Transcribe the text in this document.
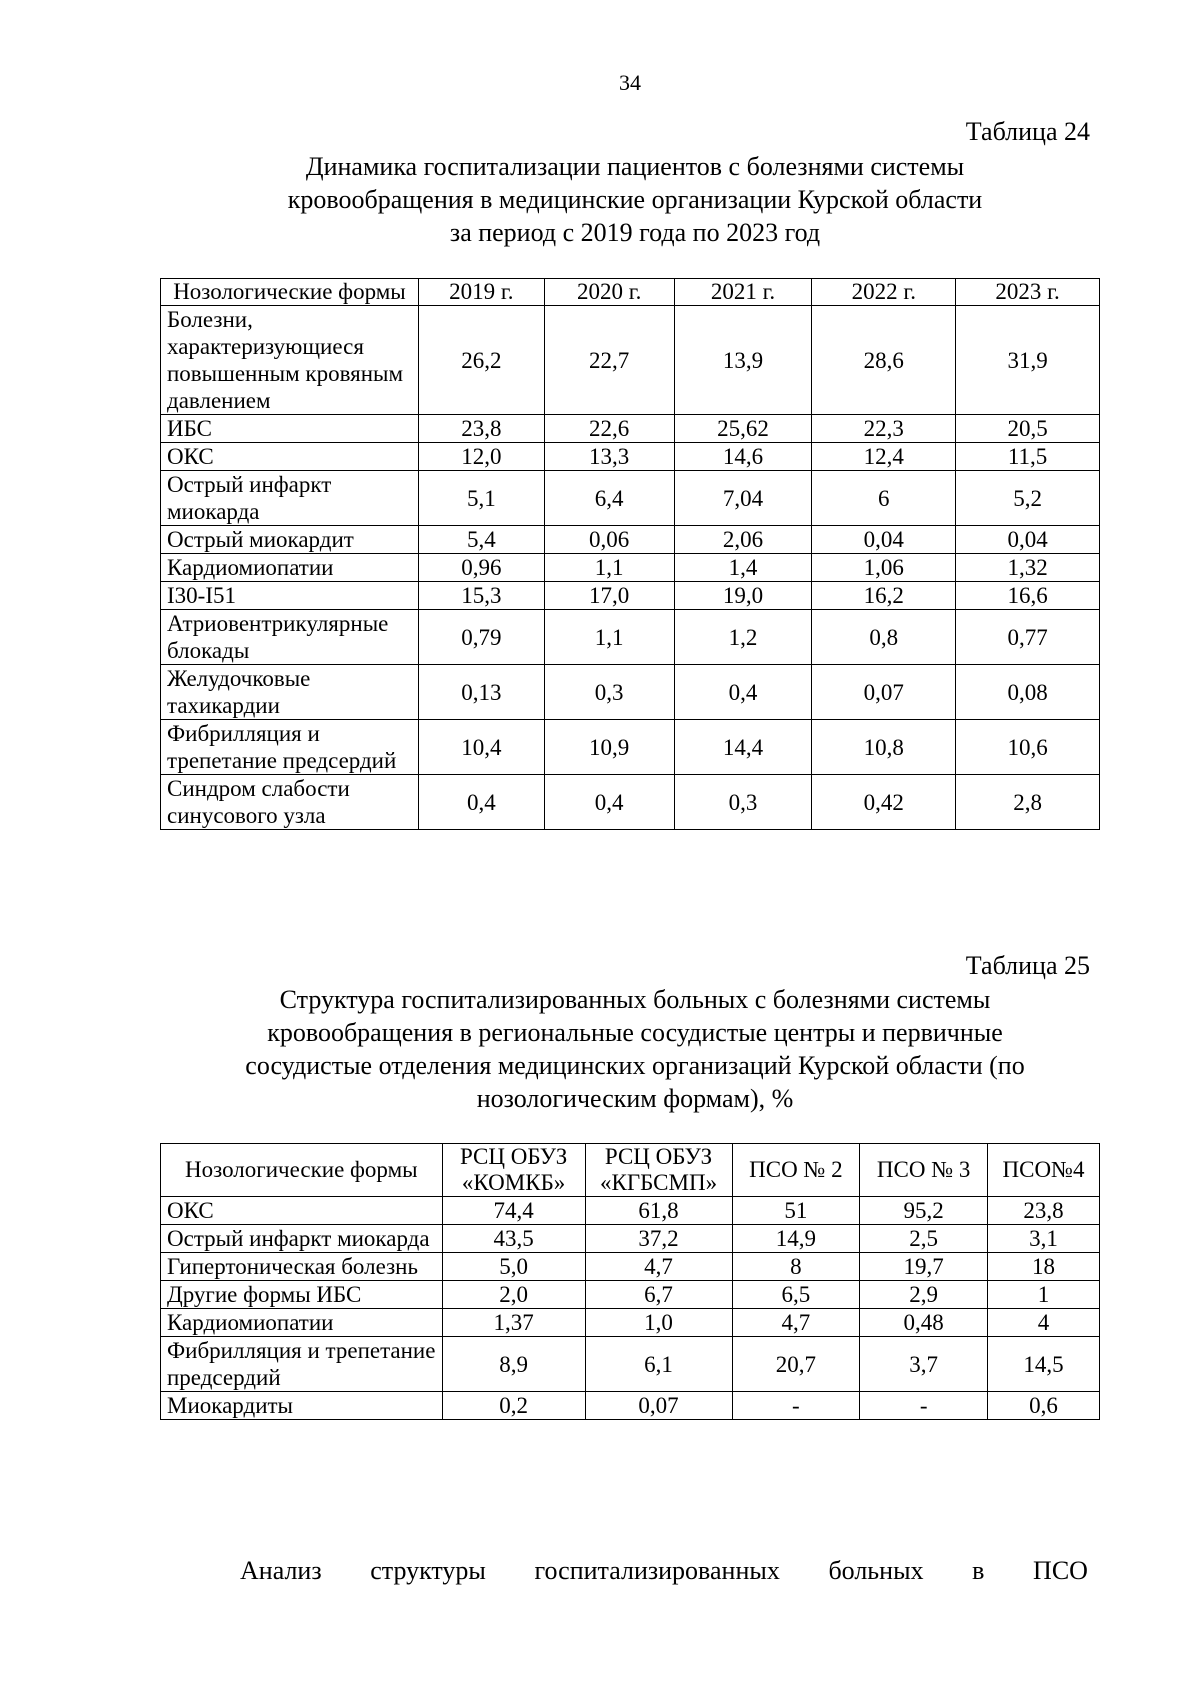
34
Таблица 24
Динамика госпитализации пациентов с болезнями системы
кровообращения в медицинские организации Курской области
за период с 2019 года по 2023 год
Нозологические формы	2019 г.	2020 г.	2021 г.	2022 г.	2023 г.
Болезни, характеризующиеся повышенным кровяным давлением	26,2	22,7	13,9	28,6	31,9
ИБС	23,8	22,6	25,62	22,3	20,5
ОКС	12,0	13,3	14,6	12,4	11,5
Острый инфаркт миокарда	5,1	6,4	7,04	6	5,2
Острый миокардит	5,4	0,06	2,06	0,04	0,04
Кардиомиопатии	0,96	1,1	1,4	1,06	1,32
I30-I51	15,3	17,0	19,0	16,2	16,6
Атриовентрикулярные блокады	0,79	1,1	1,2	0,8	0,77
Желудочковые тахикардии	0,13	0,3	0,4	0,07	0,08
Фибрилляция и трепетание предсердий	10,4	10,9	14,4	10,8	10,6
Синдром слабости синусового узла	0,4	0,4	0,3	0,42	2,8
Таблица 25
Структура госпитализированных больных с болезнями системы
кровообращения в региональные сосудистые центры и первичные
сосудистые отделения медицинских организаций Курской области (по
нозологическим формам), %
Нозологические формы	РСЦ ОБУЗ «КОМКБ»	РСЦ ОБУЗ «КГБСМП»	ПСО № 2	ПСО № 3	ПСО№4
ОКС	74,4	61,8	51	95,2	23,8
Острый инфаркт миокарда	43,5	37,2	14,9	2,5	3,1
Гипертоническая болезнь	5,0	4,7	8	19,7	18
Другие формы ИБС	2,0	6,7	6,5	2,9	1
Кардиомиопатии	1,37	1,0	4,7	0,48	4
Фибрилляция и трепетание предсердий	8,9	6,1	20,7	3,7	14,5
Миокардиты	0,2	0,07	-	-	0,6
Анализ структуры госпитализированных больных в ПСО
